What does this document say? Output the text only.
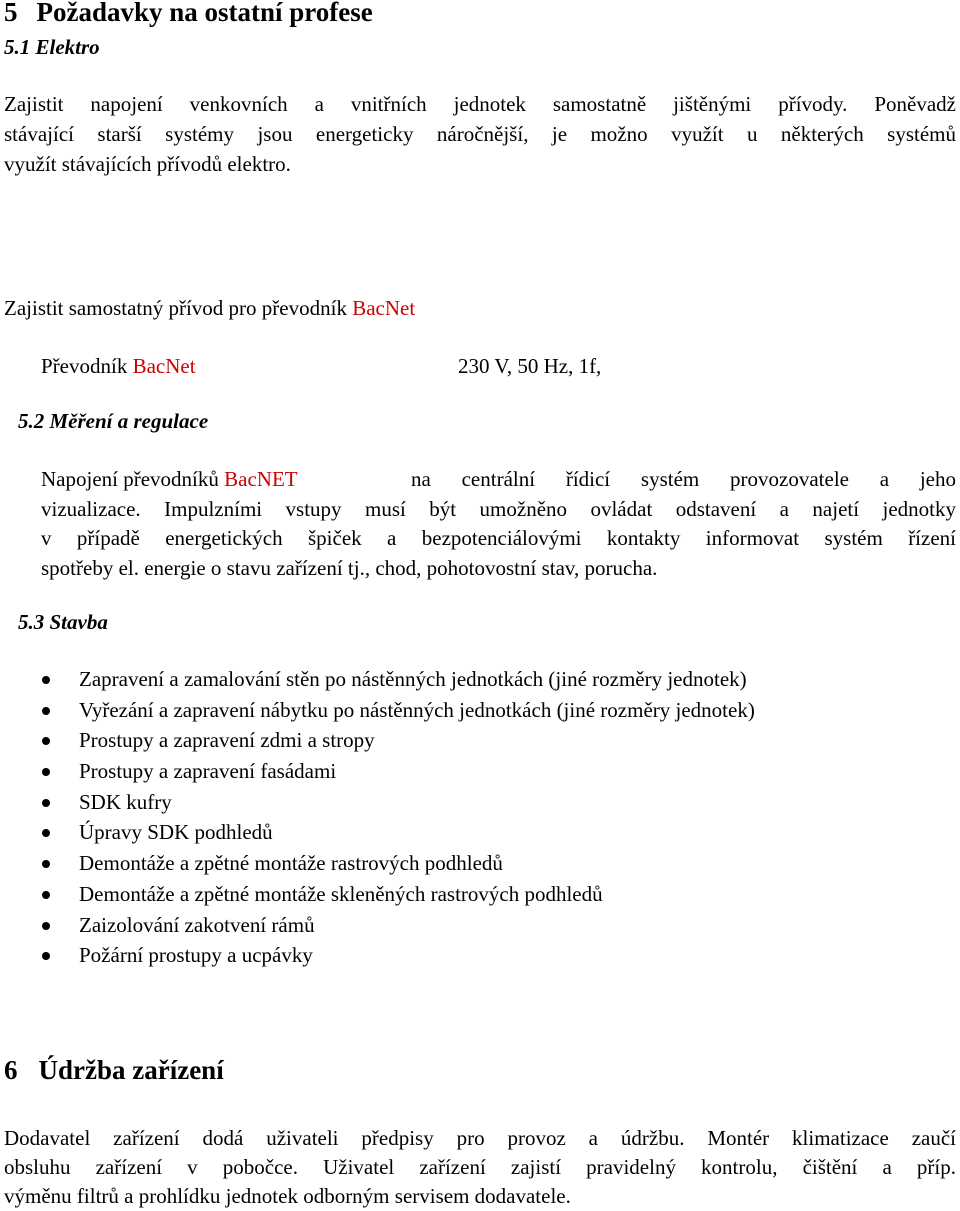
5 Požadavky na ostatní profese
5.1 Elektro
Zajistit napojení venkovních a vnitřních jednotek samostatně jištěnými přívody. Poněvadž
stávající starší systémy jsou energeticky náročnější, je možno využít u některých systémů
využít stávajících přívodů elektro.
Zajistit samostatný přívod pro převodník BacNet
Převodník BacNet	230 V, 50 Hz, 1f,
5.2 Měření a regulace
Napojení převodníků BacNET	na centrální řídicí systém provozovatele a jeho
vizualizace. Impulzními vstupy musí být umožněno ovládat odstavení a najetí jednotky
v případě energetických špiček a bezpotenciálovými kontakty informovat systém řízení
spotřeby el. energie o stavu zařízení tj., chod, pohotovostní stav, porucha.
5.3 Stavba
Zapravení a zamalování stěn po nástěnných jednotkách (jiné rozměry jednotek)
Vyřezání a zapravení nábytku po nástěnných jednotkách (jiné rozměry jednotek)
Prostupy a zapravení zdmi a stropy
Prostupy a zapravení fasádami
SDK kufry
Úpravy SDK podhledů
Demontáže a zpětné montáže rastrových podhledů
Demontáže a zpětné montáže skleněných rastrových podhledů
Zaizolování zakotvení rámů
Požární prostupy a ucpávky
6 Údržba zařízení
Dodavatel zařízení dodá uživateli předpisy pro provoz a údržbu. Montér klimatizace zaučí
obsluhu zařízení v pobočce. Uživatel zařízení zajistí pravidelný kontrolu, čištění a příp.
výměnu filtrů a prohlídku jednotek odborným servisem dodavatele.
